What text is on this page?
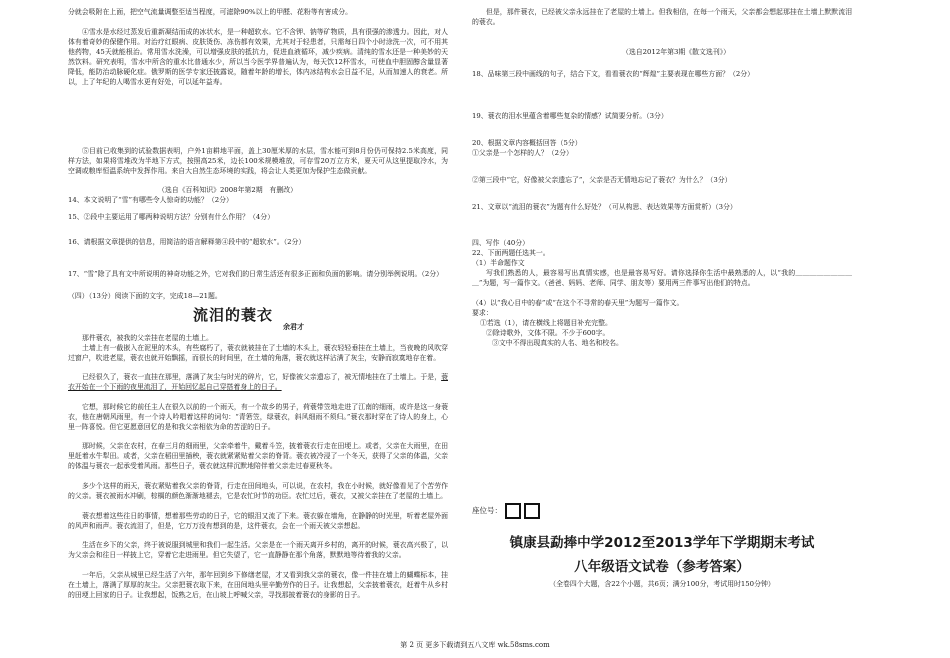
分就会吸附在上面，把空气流量调整至适当程度，可滤除90%以上的甲醛、花粉等有害成分。

④雪水是水经过蒸发后重新凝结而成的冰状水，是一种超软水。它不含钾、钠等矿物质，具有很强的渗透力。因此，对人体有着奇妙的保健作用。对治疗红眼病、皮肤烫伤、冻伤都有效果，尤其对于轻患者，只需每日四个小时涂洗一次，可不用其他药物，45天就能根治。常用雪水洗澡，可以增强皮肤的抵抗力，促进血液循环，减少疾病。清纯的雪水还是一种美妙的天然饮料。研究表明，雪水中所含的重水比普通水少，所以当今医学界普遍认为，每天饮12杯雪水，可使血中胆固醇含量显著降低，能防治动脉硬化症。俄罗斯的医学专家还披露说，随着年龄的增长，体内冰结构水会日益不足，从而加速人的衰老。所以，上了年纪的人喝雪水更有好处，可以延年益寿。

⑤目前已收集到的试验数据表明，户外1亩耕地平面，盖上30厘米厚的水层，雪水能可到8月份仍可保持2.5米高度，同样方法，如果将雪堆改为半地下方式，按照高25米，边长100米规模堆放，可存雪20万立方米，夏天可从这里提取冷水，为空调或粮库恒温系统中发挥作用。来自大自然生态环境的实践，将会让人类更加为保护生态做贡献。

（选自《百科知识》2008年第2期　有删改）

14、本文说明了“雪”有哪些令人惊奇的功能？（2分）

15、②段中主要运用了哪两种说明方法？分别有什么作用？（4分）

16、请根据文章提供的信息，用简洁的语言解释第④段中的“超软水”。（2分）

17、“雪”除了具有文中所说明的神奇功能之外，它对我们的日常生活还有很多正面和负面的影响。请分别举例说明。（2分）

（四）（13分）阅读下面的文字，完成18—21题。

流泪的蓑衣
余君才

那件蓑衣，被我的父亲挂在老屋的土墙上。

土墙上有一截嵌入在泥里的木头，有些腐朽了，蓑衣就被挂在了土墙的木头上，蓑衣轻轻垂挂在土墙上，当夜晚的风吹穿过窗户，吹进老屋，蓑衣也就开始飘摇，而很长的时间里，在土墙的角落，蓑衣就这样沾满了灰尘，安静而寂寞地存在着。

已经很久了，蓑衣一直挂在那里，落满了灰尘与时光的碎片，它，好像被父亲遗忘了，被无情地挂在了土墙上。于是，蓑衣开始在一个下雨的夜里流泪了，开始回忆起自己穿搭着身上的日子。

它想，那时候它的前任主人在很久以前的一个雨天，有一个故乡的男子，荷蓑带笠地走进了江南的细雨，或许是这一身蓑衣，他在唐朝风雨里，有一个诗人吟唱着这样的词句：“青箬笠，绿蓑衣，斜风细雨不须归。”蓑衣那时穿在了诗人的身上，心里一阵喜悦。但它更愿意回忆的是和我父亲相依为命的苦涩的日子。

那时候，父亲在农村，在春三月的细雨里，父亲牵着牛，戴着斗笠，披着蓑衣行走在田埂上。或者，父亲在大雨里，在田里赶着水牛犁田。或者，父亲在稻田里插秧，蓑衣就紧紧贴着父亲的脊背。蓑衣被冷浸了一个冬天，获得了父亲的体温，父亲的体温与蓑衣一起承受着风雨。那些日子，蓑衣就这样沉默地陪伴着父亲走过春夏秋冬。

多少个这样的雨天，蓑衣紧贴着我父亲的脊背，行走在田间地头，可以说，在农村，我在小时候，就好像看见了个苦劳作的父亲。蓑衣被雨水冲刷，棕榈的颜色渐渐地褪去，它是农忙时节的功臣。农忙过后，蓑衣，又被父亲挂在了老屋的土墙上。

蓑衣想着这些往日的事情，想着那些劳动的日子，它的眼泪又流了下来。蓑衣躲在墙角，在静静的时光里，听着老屋外面的风声和雨声。蓑衣流泪了，但是，它万万没有想到的是，这件蓑衣，会在一个雨天被父亲想起。

生活在乡下的父亲，终于被说服到城里和我们一起生活。父亲是在一个雨天离开乡村的，离开的时候，蓑衣高兴极了，以为父亲会和往日一样披上它，穿着它走进雨里。但它失望了，它一直静静在那个角落，默默地等待着我的父亲。

一年后，父亲从城里已经生活了六年，那年回到乡下修缮老屋，才又看到我父亲的蓑衣，像一件挂在墙上的蝴蝶标本，挂在土墙上，落满了厚厚的灰尘。父亲把蓑衣取下来，在田间地头里辛勤劳作的日子。让我想起，父亲披着蓑衣，赶着牛从乡村的田埂上回家的日子。让我想起，饭熟之后，在山坡上呼喊父亲，寻找那披着蓑衣的身影的日子。

但是，那件蓑衣，已经被父亲永远挂在了老屋的土墙上。但我相信，在每一个雨天，父亲都会想起那挂在土墙上默默流泪的蓑衣。

（选自2012年第3期《散文选刊》）

18、品味第三段中画线的句子，结合下文，看看蓑衣的“辉煌”主要表现在哪些方面？（2分）

19、蓑衣的泪水里蕴含着哪些复杂的情感？试简要分析。（3分）

20、根据文章内容概括回答（5分）

①父亲是一个怎样的人？（2分）

②第三段中“它，好像被父亲遗忘了”，父亲是否无情地忘记了蓑衣？为什么？（3分）

21、文章以“流泪的蓑衣”为题有什么好处？（可从构思、表达效果等方面赏析）（3分）

四、写作（40分）

22、下面两题任选其一。

（1）半命题作文

写我们熟悉的人，最容易写出真情实感，也是最容易写好。请你选择你生活中最熟悉的人，以“我的＿＿＿＿＿＿＿＿＿”为题，写一篇作文。（爸爸、妈妈、老师、同学、朋友等）要用两三件事写出他们的特点。

（4）以“我心目中的春”或“在这个不寻常的春天里”为题写一篇作文。

要求：

①若选（1），请在横线上将题目补充完整。

②除诗歌外，文体不限。不少于600字。

③文中不得出现真实的人名、地名和校名。

座位号：
镇康县勐捧中学2012至2013学年下学期期末考试
八年级语文试卷（参考答案）

（全卷四个大题，含22个小题，共6页；满分100分，考试用时150分钟）

第 2 页 更多下载请到五八文库 wk.58sms.com
